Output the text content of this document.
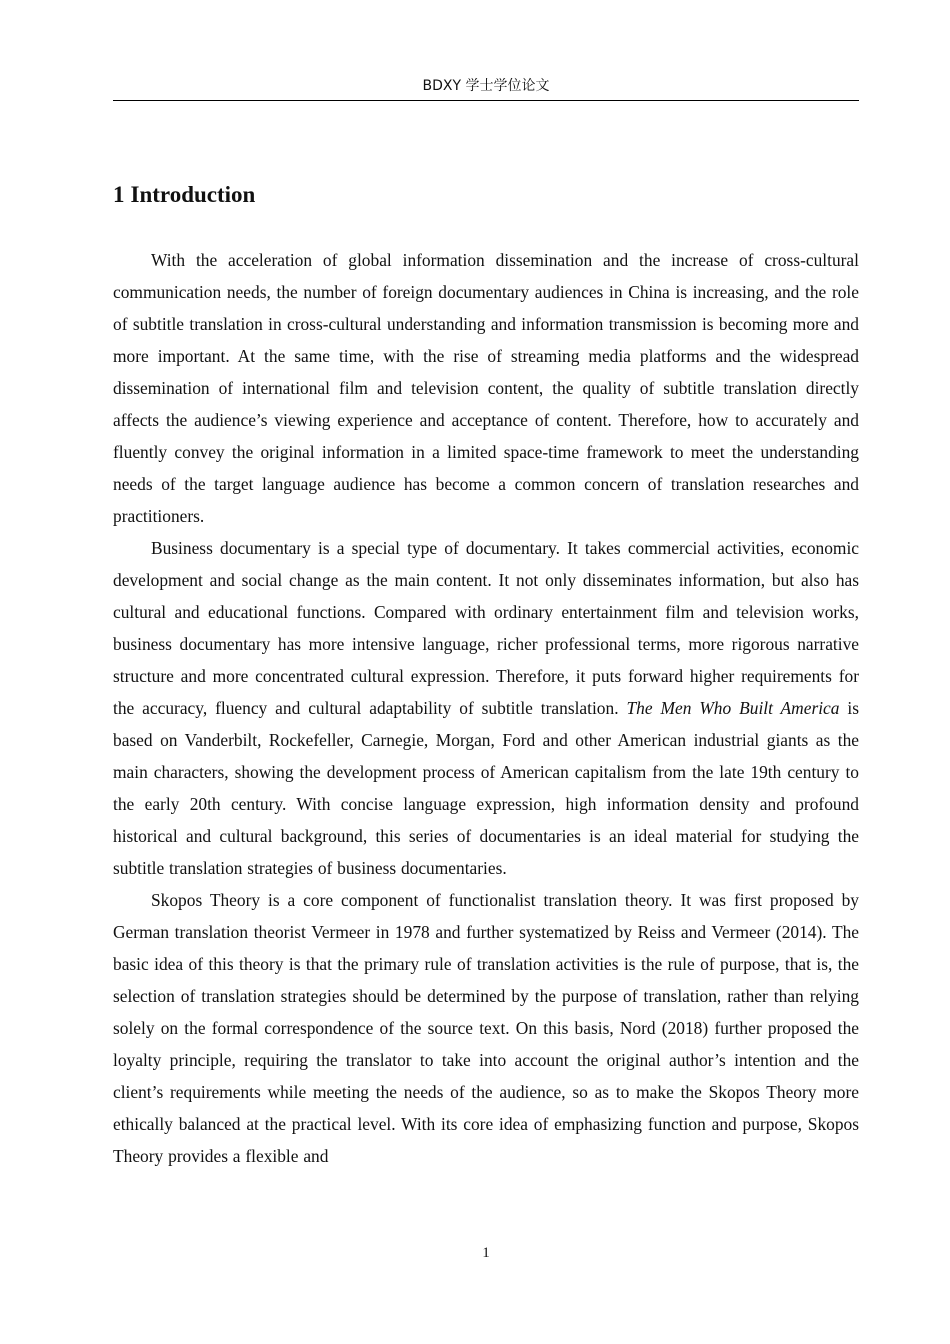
BDXY 学士学位论文
1 Introduction

With the acceleration of global information dissemination and the increase of cross-cultural communication needs, the number of foreign documentary audiences in China is increasing, and the role of subtitle translation in cross-cultural understanding and information transmission is becoming more and more important. At the same time, with the rise of streaming media platforms and the widespread dissemination of international film and television content, the quality of subtitle translation directly affects the audience’s viewing experience and acceptance of content. Therefore, how to accurately and fluently convey the original information in a limited space-time framework to meet the understanding needs of the target language audience has become a common concern of translation researches and practitioners.

Business documentary is a special type of documentary. It takes commercial activities, economic development and social change as the main content. It not only disseminates information, but also has cultural and educational functions. Compared with ordinary entertainment film and television works, business documentary has more intensive language, richer professional terms, more rigorous narrative structure and more concentrated cultural expression. Therefore, it puts forward higher requirements for the accuracy, fluency and cultural adaptability of subtitle translation. The Men Who Built America is based on Vanderbilt, Rockefeller, Carnegie, Morgan, Ford and other American industrial giants as the main characters, showing the development process of American capitalism from the late 19th century to the early 20th century. With concise language expression, high information density and profound historical and cultural background, this series of documentaries is an ideal material for studying the subtitle translation strategies of business documentaries.

Skopos Theory is a core component of functionalist translation theory. It was first proposed by German translation theorist Vermeer in 1978 and further systematized by Reiss and Vermeer (2014). The basic idea of this theory is that the primary rule of translation activities is the rule of purpose, that is, the selection of translation strategies should be determined by the purpose of translation, rather than relying solely on the formal correspondence of the source text. On this basis, Nord (2018) further proposed the loyalty principle, requiring the translator to take into account the original author’s intention and the client’s requirements while meeting the needs of the audience, so as to make the Skopos Theory more ethically balanced at the practical level. With its core idea of emphasizing function and purpose, Skopos Theory provides a flexible and

1
